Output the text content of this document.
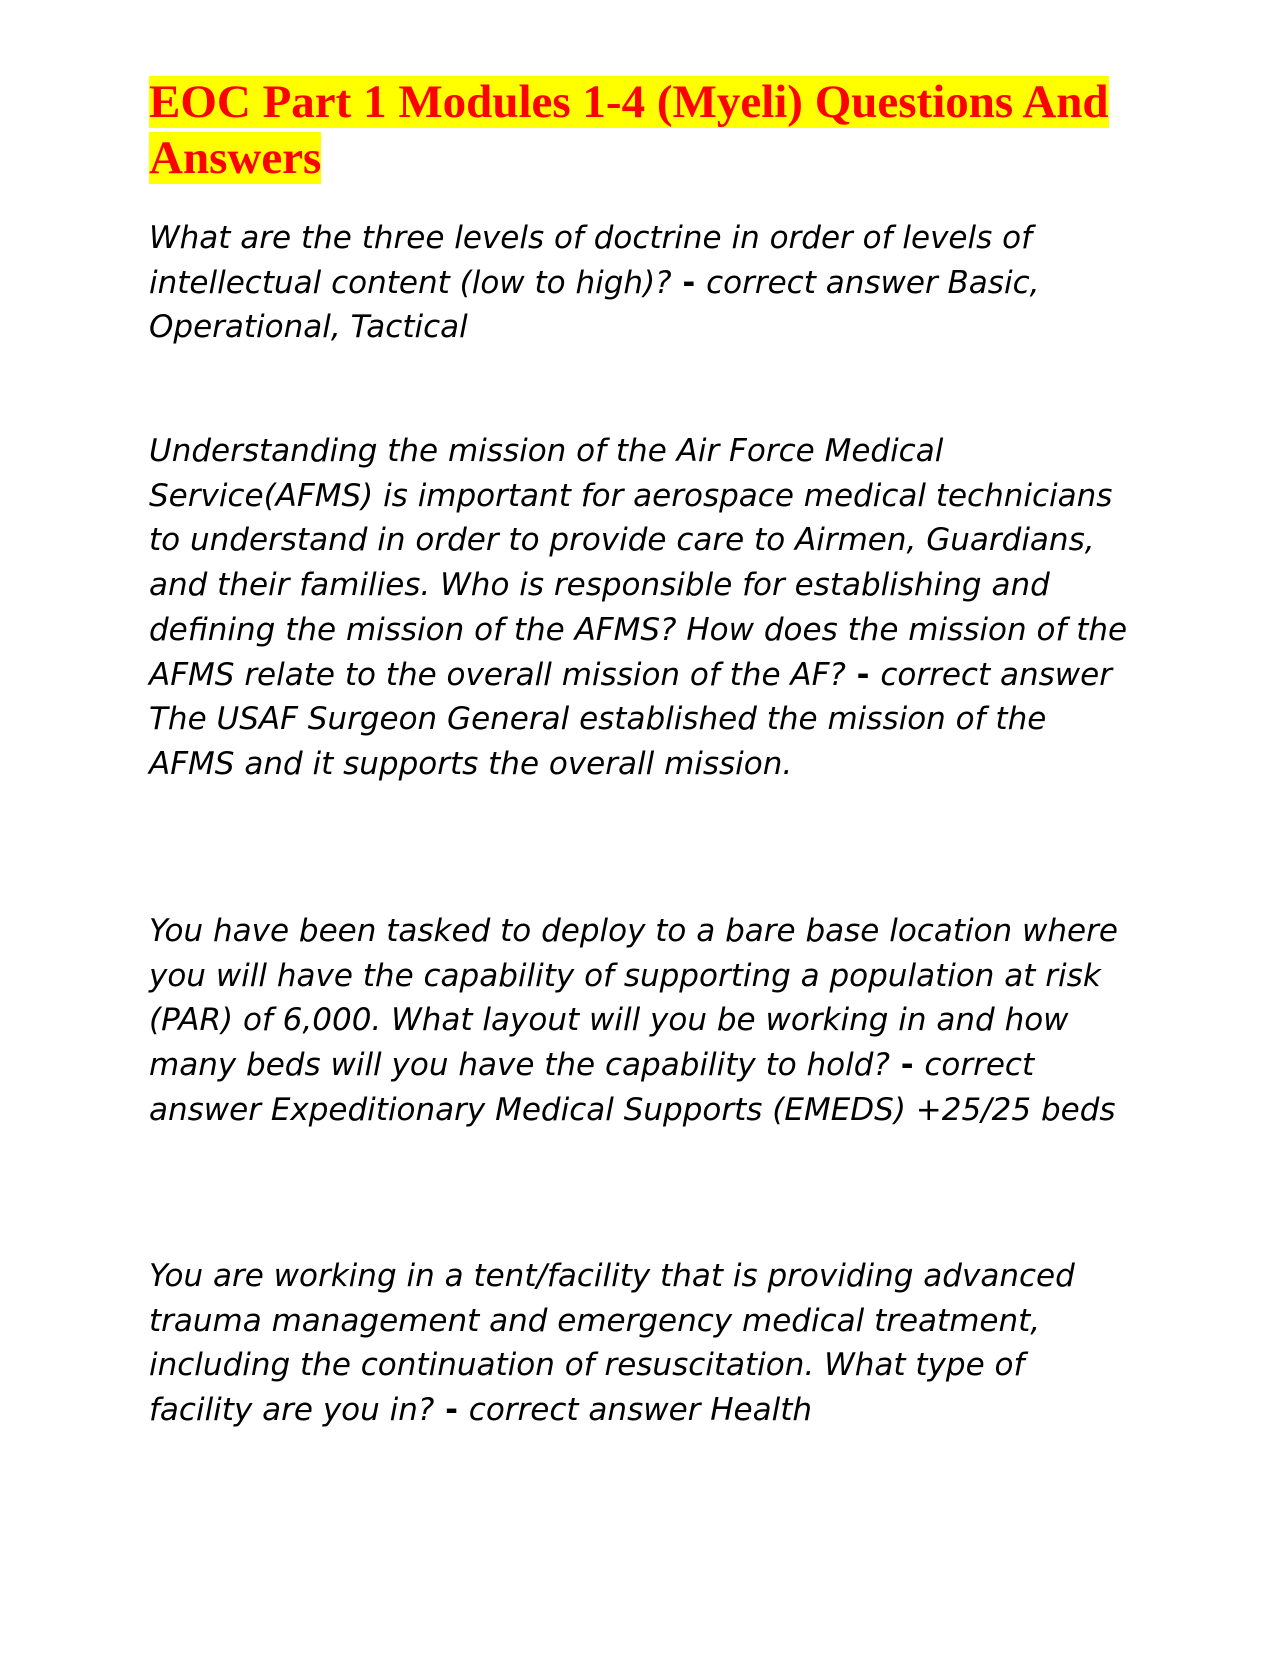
EOC Part 1 Modules 1-4 (Myeli) Questions And Answers

What are the three levels of doctrine in order of levels of intellectual content (low to high)? - correct answer Basic, Operational, Tactical

Understanding the mission of the Air Force Medical Service(AFMS) is important for aerospace medical technicians to understand in order to provide care to Airmen, Guardians, and their families. Who is responsible for establishing and defining the mission of the AFMS? How does the mission of the AFMS relate to the overall mission of the AF? - correct answer The USAF Surgeon General established the mission of the AFMS and it supports the overall mission.

You have been tasked to deploy to a bare base location where you will have the capability of supporting a population at risk (PAR) of 6,000. What layout will you be working in and how many beds will you have the capability to hold? - correct answer Expeditionary Medical Supports (EMEDS) +25/25 beds

You are working in a tent/facility that is providing advanced trauma management and emergency medical treatment, including the continuation of resuscitation. What type of facility are you in? - correct answer Health
